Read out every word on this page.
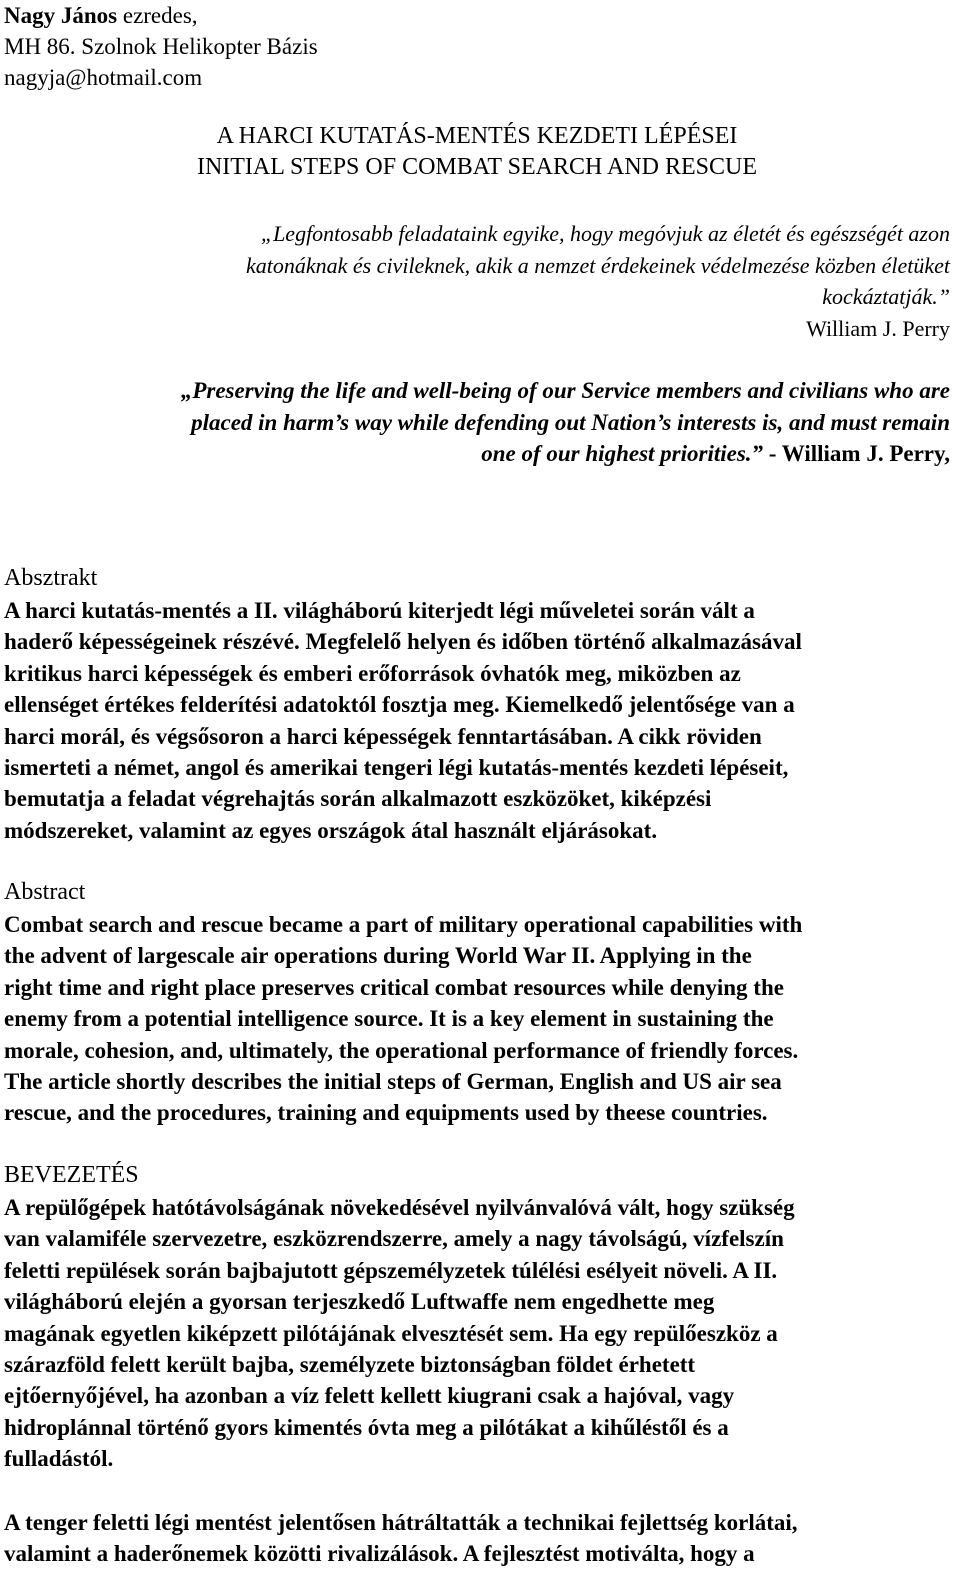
Nagy János ezredes,
MH 86. Szolnok Helikopter Bázis
nagyja@hotmail.com
A HARCI KUTATÁS-MENTÉS KEZDETI LÉPÉSEI
INITIAL STEPS OF COMBAT SEARCH AND RESCUE
„Legfontosabb feladataink egyike, hogy megóvjuk az életét és egészségét azon
katonáknak és civileknek, akik a nemzet érdekeinek védelmezése közben életüket
kockáztatják.”
William J. Perry
„Preserving the life and well-being of our Service members and civilians who are
placed in harm’s way while defending out Nation’s interests is, and must remain
one of our highest priorities.” - William J. Perry,
Absztrakt
A harci kutatás-mentés a II. világháború kiterjedt légi műveletei során vált a
haderő képességeinek részévé. Megfelelő helyen és időben történő alkalmazásával
kritikus harci képességek és emberi erőforrások óvhatók meg, miközben az
ellenséget értékes felderítési adatoktól fosztja meg. Kiemelkedő jelentősége van a
harci morál, és végsősoron a harci képességek fenntartásában. A cikk röviden
ismerteti a német, angol és amerikai tengeri légi kutatás-mentés kezdeti lépéseit,
bemutatja a feladat végrehajtás során alkalmazott eszközöket, kiképzési
módszereket, valamint az egyes országok átal használt eljárásokat.
Abstract
Combat search and rescue became a part of military operational capabilities with
the advent of largescale air operations during World War II. Applying in the
right time and right place preserves critical combat resources while denying the
enemy from a potential intelligence source. It is a key element in sustaining the
morale, cohesion, and, ultimately, the operational performance of friendly forces.
The article shortly describes the initial steps of German, English and US air sea
rescue, and the procedures, training and equipments used by theese countries.
BEVEZETÉS
A repülőgépek hatótávolságának növekedésével nyilvánvalóvá vált, hogy szükség
van valamiféle szervezetre, eszközrendszerre, amely a nagy távolságú, vízfelszín
feletti repülések során bajbajutott gépszemélyzetek túlélési esélyeit növeli. A II.
világháború elején a gyorsan terjeszkedő Luftwaffe nem engedhette meg
magának egyetlen kiképzett pilótájának elvesztését sem. Ha egy repülőeszköz a
szárazföld felett került bajba, személyzete biztonságban földet érhetett
ejtőernyőjével, ha azonban a víz felett kellett kiugrani csak a hajóval, vagy
hidroplánnal történő gyors kimentés óvta meg a pilótákat a kihűléstől és a
fulladástól.
A tenger feletti légi mentést jelentősen hátráltatták a technikai fejlettség korlátai,
valamint a haderőnemek közötti rivalizálások. A fejlesztést motiválta, hogy a
